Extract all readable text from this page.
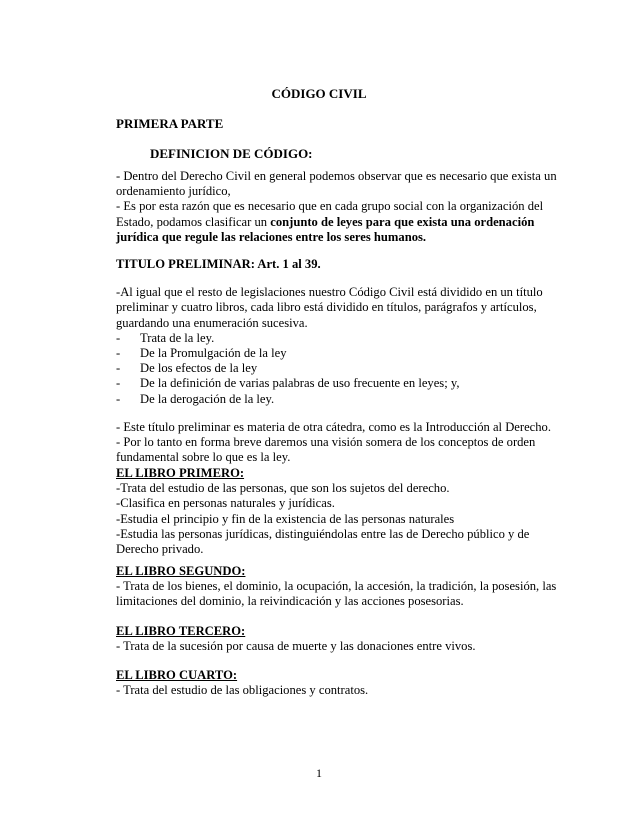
CÓDIGO CIVIL
PRIMERA PARTE
DEFINICION DE CÓDIGO:

- Dentro del Derecho Civil en general podemos observar que es necesario que exista un ordenamiento jurídico,

- Es por esta razón que es necesario que en cada grupo social con la organización del Estado, podamos clasificar un conjunto de leyes para que exista una ordenación jurídica que regule las relaciones entre los seres humanos.

TITULO PRELIMINAR: Art. 1 al 39.

-Al igual que el resto de legislaciones nuestro Código Civil está dividido en un título preliminar y cuatro libros, cada libro está dividido en títulos, parágrafos y artículos, guardando una enumeración sucesiva.

-	Trata de la ley.
-	De la Promulgación de la ley
-	De los efectos de la ley
-	De la definición de varias palabras de uso frecuente en leyes; y,
-	De la derogación de la ley.

- Este título preliminar es materia de otra cátedra, como es la Introducción al Derecho.

- Por lo tanto en forma breve daremos una visión somera de los conceptos de orden fundamental sobre lo que es la ley.

EL LIBRO PRIMERO:

-Trata del estudio de las personas, que son los sujetos del derecho.

-Clasifica en personas naturales y jurídicas.

-Estudia el principio y fin de la existencia de las personas naturales

-Estudia las personas jurídicas, distinguiéndolas entre las de Derecho público y de Derecho privado.

EL LIBRO SEGUNDO:

- Trata de los bienes, el dominio, la ocupación, la accesión, la tradición, la posesión, las limitaciones del dominio, la reivindicación y las acciones posesorias.

EL LIBRO TERCERO:

- Trata de la sucesión por causa de muerte y las donaciones entre vivos.

EL LIBRO CUARTO:

- Trata del estudio de las obligaciones y contratos.

1
